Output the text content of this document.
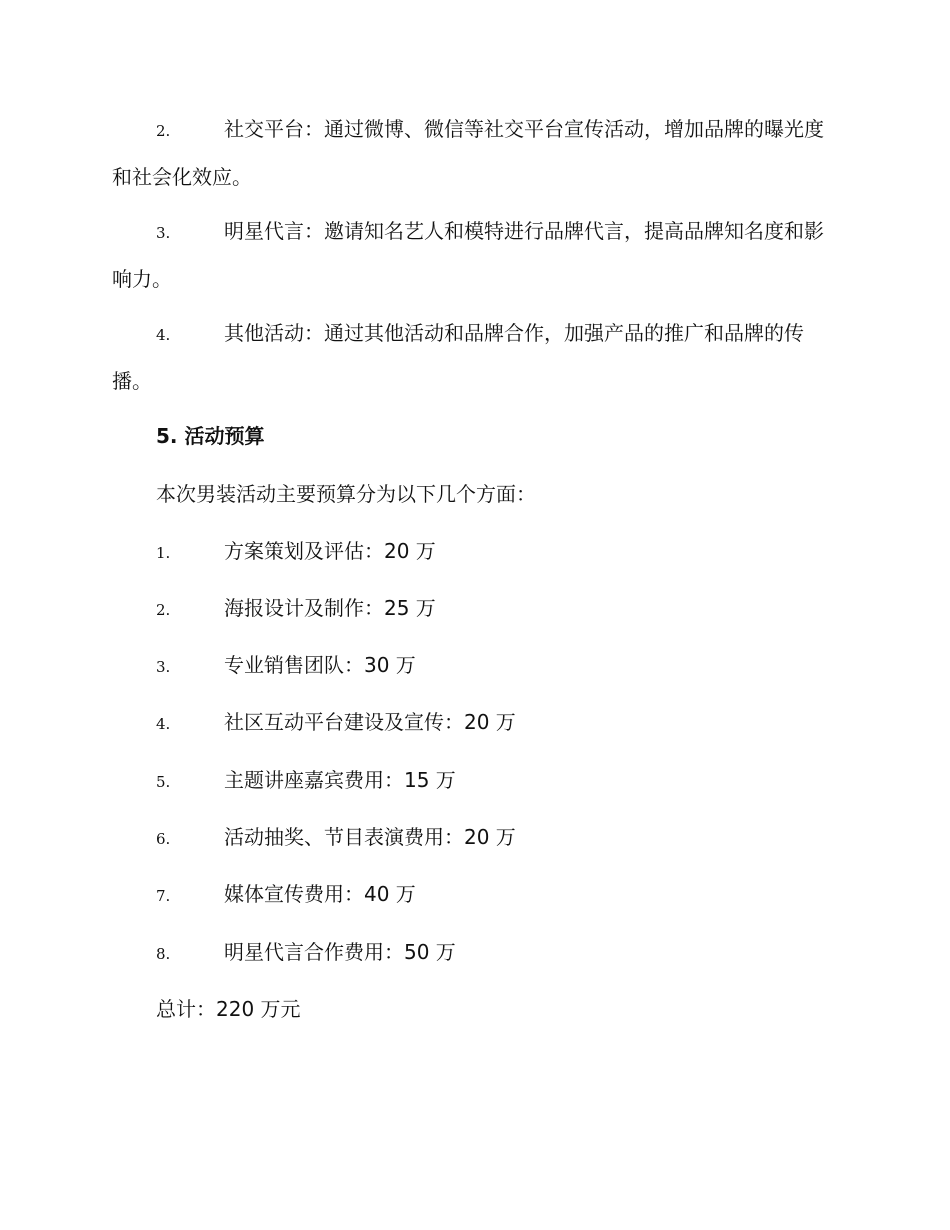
2.	社交平台：通过微博、微信等社交平台宣传活动，增加品牌的曝光度和社会化效应。

3.	明星代言：邀请知名艺人和模特进行品牌代言，提高品牌知名度和影响力。

4.	其他活动：通过其他活动和品牌合作，加强产品的推广和品牌的传播。

5. 活动预算

本次男装活动主要预算分为以下几个方面：

1.	方案策划及评估：20 万

2.	海报设计及制作：25 万

3.	专业销售团队：30 万

4.	社区互动平台建设及宣传：20 万

5.	主题讲座嘉宾费用：15 万

6.	活动抽奖、节目表演费用：20 万

7.	媒体宣传费用：40 万

8.	明星代言合作费用：50 万

总计：220 万元
